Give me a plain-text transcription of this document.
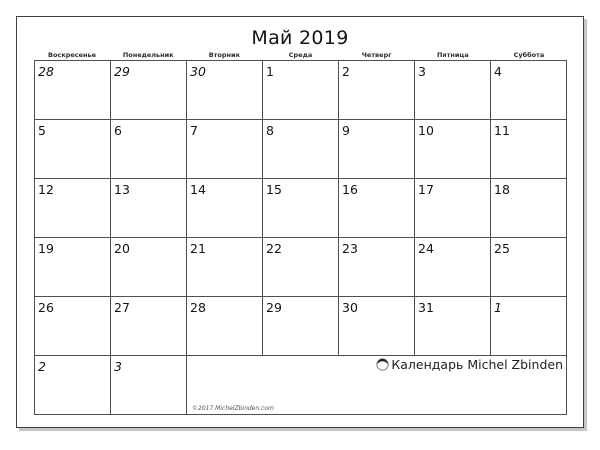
Май 2019
Воскресенье	Понедельник	Вторник	Среда	Четверг	Пятница	Суббота
28	29	30	1	2	3	4
5	6	7	8	9	10	11
12	13	14	15	16	17	18
19	20	21	22	23	24	25
26	27	28	29	30	31	1
2	3	Календарь Michel Zbinden
©2017 MichelZbinden.com				
